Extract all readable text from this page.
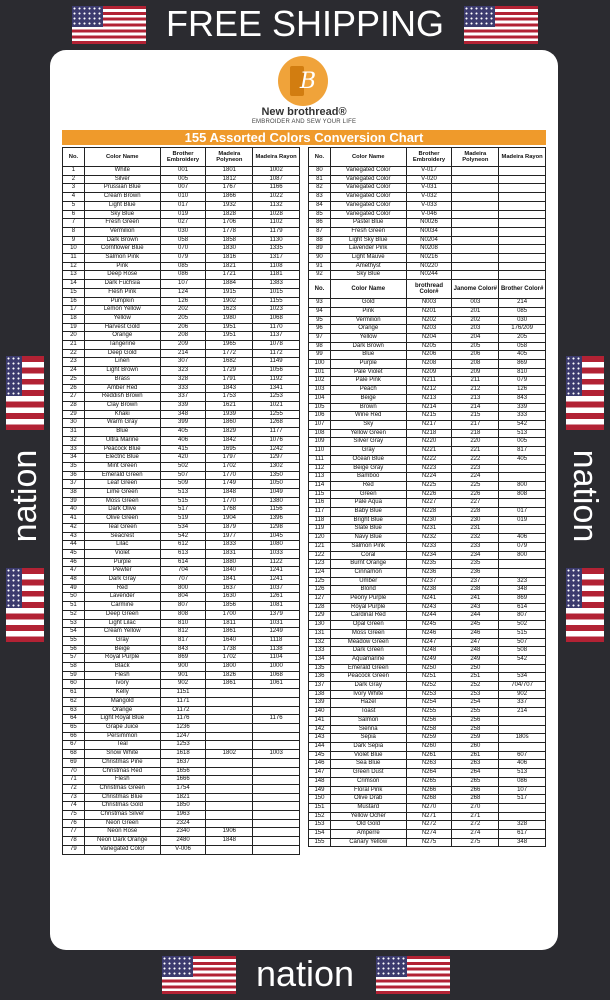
FREE SHIPPING
nation	nation
B
New brothread®
EMBROIDER AND SEW YOUR LIFE
155 Assorted Colors Conversion Chart
No.	Color Name	Brother Embroidery	Madeira Polyneon	Madeira Rayon
1	White	001	1801	1002
2	Silver	005	1812	1087
3	Prussian Blue	007	1767	1166
4	Cream Brown	010	1866	1022
5	Light Blue	017	1932	1132
6	Sky Blue	019	1828	1028
7	Fresh Green	027	1706	1102
8	Vermilion	030	1778	1179
9	Dark Brown	058	1858	1130
10	Cornflower Blue	070	1830	1335
11	Salmon Pink	079	1816	1317
12	Pink	085	1821	1108
13	Deep Rose	086	1721	1181
14	Dark Fuchsia	107	1884	1383
15	Flesh Pink	124	1915	1015
16	Pumpkin	126	1902	1155
17	Lemon Yellow	202	1623	1023
18	Yellow	205	1980	1068
19	Harvest Gold	206	1951	1170
20	Orange	208	1951	1137
21	Tangerine	209	1965	1078
22	Deep Gold	214	1772	1172
23	Linen	307	1682	1149
24	Light Brown	323	1729	1056
25	Brass	328	1791	1192
26	Amber Red	333	1843	1341
27	Reddish Brown	337	1753	1253
28	Clay Brown	339	1621	1021
29	Khaki	348	1939	1255
30	Warm Gray	399	1860	1268
31	Blue	405	1829	1177
32	Ultra Marine	406	1842	1076
33	Peacock Blue	415	1695	1242
34	Electric Blue	420	1797	1297
35	Mint Green	502	1702	1302
36	Emerald Green	507	1770	1350
37	Leaf Green	509	1749	1050
38	Lime Green	513	1848	1049
39	Moss Green	515	1770	1380
40	Dark Olive	517	1768	1156
41	Olive Green	519	1904	1396
42	Teal Green	534	1879	1298
43	Seacrest	542	1977	1045
44	Lilac	612	1833	1080
45	Violet	613	1831	1033
46	Purple	614	1880	1122
47	Pewter	704	1840	1241
48	Dark Gray	707	1841	1241
49	Red	800	1637	1037
50	Lavender	804	1630	1261
51	Carmine	807	1856	1081
52	Deep Green	808	1700	1379
53	Light Lilac	810	1811	1031
54	Cream Yellow	812	1861	1249
55	Gray	817	1640	1118
56	Beige	843	1738	1138
57	Royal Purple	869	1702	1104
58	Black	900	1800	1000
59	Flesh	901	1826	1068
60	Ivory	902	1861	1061
61	Kelly	1151		
62	Marigold	1171		
63	Orange	1172		
64	Light Royal Blue	1176		1176
65	Grape Juice	1236		
66	Persimmon	1247		
67	Teal	1253		
68	Snow White	1618	1802	1003
69	Christmas Pine	1637		
70	Christmas Red	1656		
71	Flesh	1666		
72	Christmas Green	1754		
73	Christmas Blue	1821		
74	Christmas Gold	1850		
75	Christmas Silver	1963		
76	Neon Green	2324		
77	Neon Rose	2340	1906	
78	Neon Dark Orange	2480	1848	
79	Variegated Color	V-006		
No.	Color Name	Brother Embroidery	Madeira Polyneon	Madeira Rayon
80	Variegated Color	V-017		
81	Variegated Color	V-020		
82	Variegated Color	V-031		
83	Variegated Color	V-032		
84	Variegated Color	V-033		
85	Variegated Color	V-046		
86	Pastel Blue	N0026		
87	Fresh Green	N0034		
88	Light Sky Blue	N0204		
89	Lavender Pink	N0208		
90	Light Mauve	N0216		
91	Amethyst	N0220		
92	Sky Blue	N0244		
No.	Color Name	brothread Color#	Janome Color#	Brother Color#
93	Gold	N003	003	214
94	Pink	N201	201	085
95	Vermilion	N202	202	030
96	Orange	N203	203	176/209
97	Yellow	N204	204	205
98	Dark Brown	N205	205	058
99	Blue	N206	206	405
100	Purple	N208	208	869
101	Pale Violet	N209	209	810
102	Pale Pink	N211	211	079
103	Peach	N212	212	126
104	Beige	N213	213	843
105	Brown	N214	214	339
106	Wine Red	N215	215	333
107	Sky	N217	217	542
108	Yellow Green	N218	218	513
109	Silver Gray	N220	220	005
110	Gray	N221	221	817
111	Ocean Blue	N222	222	405
112	Beige Gray	N223	223	
113	Bamboo	N224	224	
114	Red	N225	225	800
115	Green	N226	226	808
116	Pale Aqua	N227	227	
117	Baby Blue	N228	228	017
118	Bright Blue	N230	230	019
119	Slate Blue	N231	231	
120	Navy Blue	N232	232	406
121	Salmon Pink	N233	233	079
122	Coral	N234	234	800
123	Burnt Orange	N235	235	
124	Cinnamon	N236	236	
125	Umber	N237	237	323
126	Blond	N238	238	348
127	Peony Purple	N241	241	869
128	Royal Purple	N243	243	614
129	Cardinal Red	N244	244	807
130	Opal Green	N245	245	502
131	Moss Green	N246	246	515
132	Meadow Green	N247	247	507
133	Dark Green	N248	248	508
134	Aquamarine	N249	249	542
135	Emerald Green	N250	250	
136	Peacock Green	N251	251	534
137	Dark Gray	N252	252	704/707
138	Ivory White	N253	253	902
139	Hazel	N254	254	337
140	Toast	N255	255	214
141	Salmon	N256	256	
142	Sienna	N258	258	
143	Sepia	N259	259	180s
144	Dark Sepia	N260	260	
145	Violet Blue	N261	261	607
146	Sea Blue	N263	263	406
147	Green Dust	N264	264	513
148	Crimson	N265	265	086
149	Floral Pink	N266	266	107
150	Olive Drab	N268	268	517
151	Mustard	N270	270	
152	Yellow Ocher	N271	271	
153	Old Gold	N272	272	328
154	Amperre	N274	274	617
155	Canary Yellow	N275	275	348
nation
